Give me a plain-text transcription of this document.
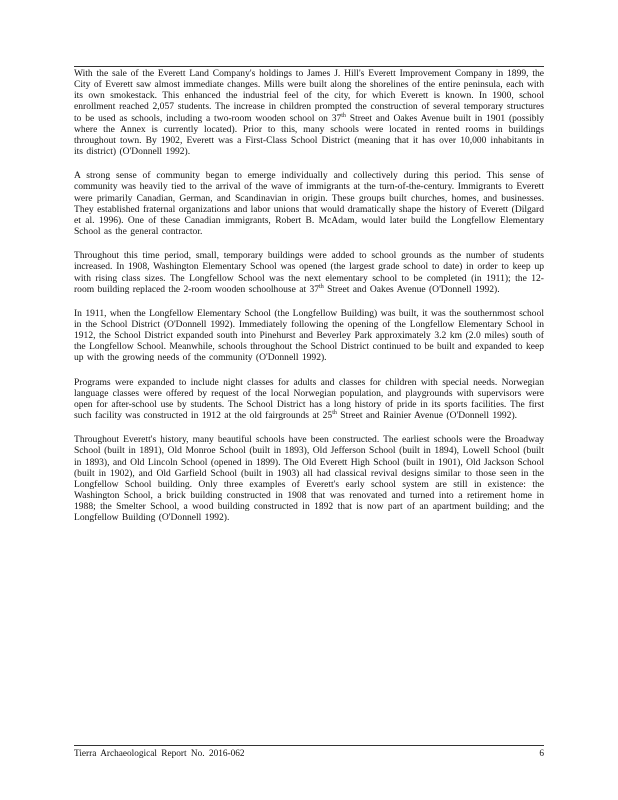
With the sale of the Everett Land Company's holdings to James J. Hill's Everett Improvement Company in 1899, the City of Everett saw almost immediate changes. Mills were built along the shorelines of the entire peninsula, each with its own smokestack. This enhanced the industrial feel of the city, for which Everett is known. In 1900, school enrollment reached 2,057 students. The increase in children prompted the construction of several temporary structures to be used as schools, including a two-room wooden school on 37th Street and Oakes Avenue built in 1901 (possibly where the Annex is currently located). Prior to this, many schools were located in rented rooms in buildings throughout town. By 1902, Everett was a First-Class School District (meaning that it has over 10,000 inhabitants in its district) (O'Donnell 1992).

A strong sense of community began to emerge individually and collectively during this period. This sense of community was heavily tied to the arrival of the wave of immigrants at the turn-of-the-century. Immigrants to Everett were primarily Canadian, German, and Scandinavian in origin. These groups built churches, homes, and businesses. They established fraternal organizations and labor unions that would dramatically shape the history of Everett (Dilgard et al. 1996). One of these Canadian immigrants, Robert B. McAdam, would later build the Longfellow Elementary School as the general contractor.

Throughout this time period, small, temporary buildings were added to school grounds as the number of students increased. In 1908, Washington Elementary School was opened (the largest grade school to date) in order to keep up with rising class sizes. The Longfellow School was the next elementary school to be completed (in 1911); the 12-room building replaced the 2-room wooden schoolhouse at 37th Street and Oakes Avenue (O'Donnell 1992).

In 1911, when the Longfellow Elementary School (the Longfellow Building) was built, it was the southernmost school in the School District (O'Donnell 1992). Immediately following the opening of the Longfellow Elementary School in 1912, the School District expanded south into Pinehurst and Beverley Park approximately 3.2 km (2.0 miles) south of the Longfellow School. Meanwhile, schools throughout the School District continued to be built and expanded to keep up with the growing needs of the community (O'Donnell 1992).

Programs were expanded to include night classes for adults and classes for children with special needs. Norwegian language classes were offered by request of the local Norwegian population, and playgrounds with supervisors were open for after-school use by students. The School District has a long history of pride in its sports facilities. The first such facility was constructed in 1912 at the old fairgrounds at 25th Street and Rainier Avenue (O'Donnell 1992).

Throughout Everett's history, many beautiful schools have been constructed. The earliest schools were the Broadway School (built in 1891), Old Monroe School (built in 1893), Old Jefferson School (built in 1894), Lowell School (built in 1893), and Old Lincoln School (opened in 1899). The Old Everett High School (built in 1901), Old Jackson School (built in 1902), and Old Garfield School (built in 1903) all had classical revival designs similar to those seen in the Longfellow School building. Only three examples of Everett's early school system are still in existence: the Washington School, a brick building constructed in 1908 that was renovated and turned into a retirement home in 1988; the Smelter School, a wood building constructed in 1892 that is now part of an apartment building; and the Longfellow Building (O'Donnell 1992).

Tierra Archaeological Report No. 2016-062	6
